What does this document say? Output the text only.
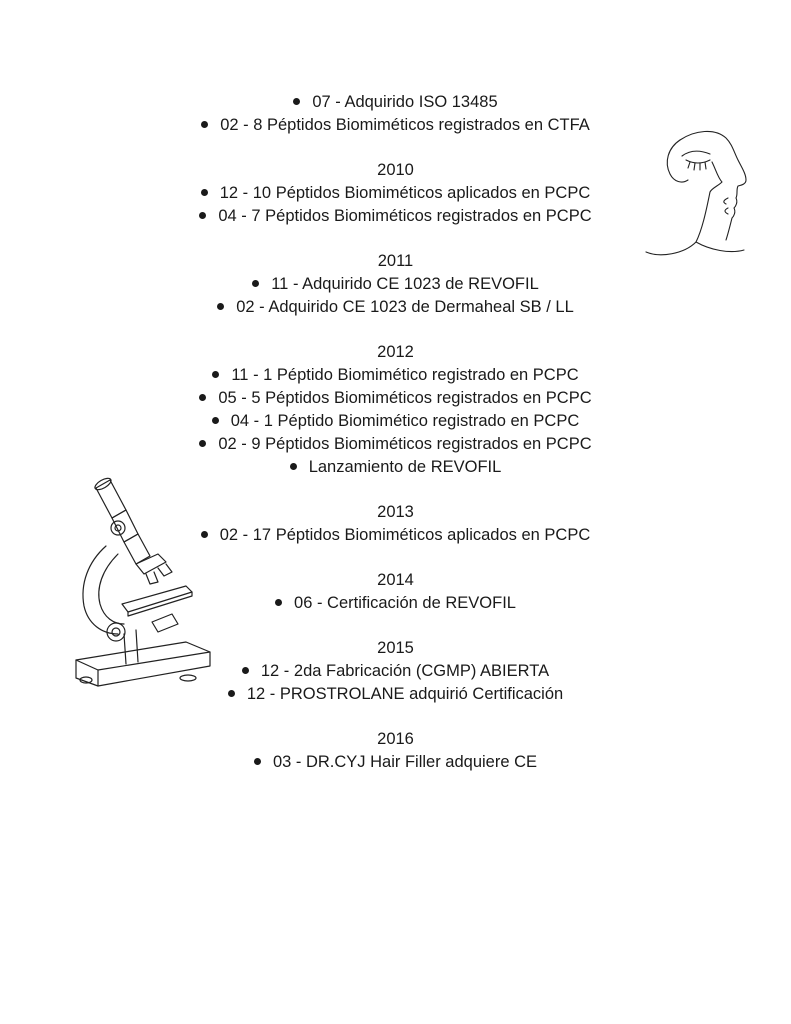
07 - Adquirido ISO 13485

02 - 8 Péptidos Biomiméticos registrados en CTFA

2010

12 - 10 Péptidos Biomiméticos aplicados en PCPC

04 - 7 Péptidos Biomiméticos registrados en PCPC

2011

11 - Adquirido CE 1023 de REVOFIL

02 - Adquirido CE 1023 de Dermaheal SB / LL

2012

11 - 1 Péptido Biomimético registrado en PCPC

05 - 5 Péptidos Biomiméticos registrados en PCPC

04 - 1 Péptido Biomimético registrado en PCPC

02 - 9 Péptidos Biomiméticos registrados en PCPC

Lanzamiento de REVOFIL

2013

02 - 17 Péptidos Biomiméticos aplicados en PCPC

2014

06 - Certificación de REVOFIL

2015

12 - 2da Fabricación (CGMP) ABIERTA

12 - PROSTROLANE adquirió Certificación

2016

03 - DR.CYJ Hair Filler adquiere CE
